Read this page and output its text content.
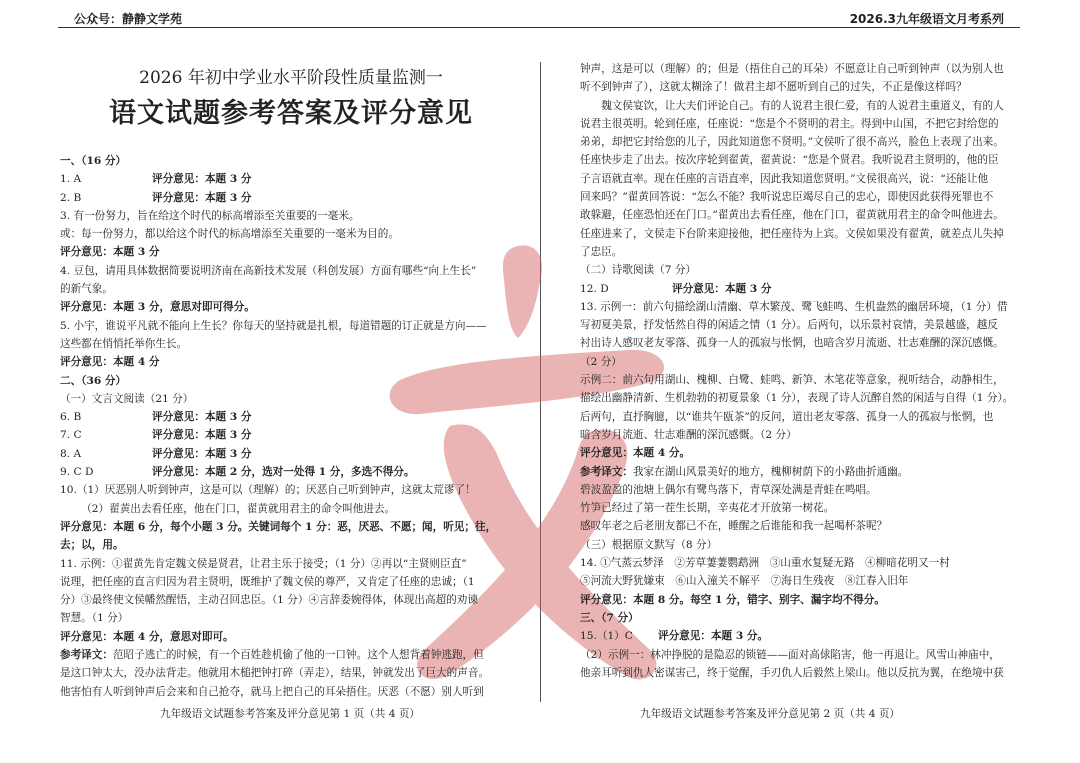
公众号：静静文学苑	2026.3九年级语文月考系列
2026 年初中学业水平阶段性质量监测一
语文试题参考答案及评分意见
一、（16 分）
1. A	评分意见：本题 3 分
2. B	评分意见：本题 3 分
3. 有一份努力，旨在给这个时代的标高增添至关重要的一毫米。
或：每一份努力，都以给这个时代的标高增添至关重要的一毫米为目的。
评分意见：本题 3 分
4. 豆包，请用具体数据简要说明济南在高新技术发展（科创发展）方面有哪些“向上生长”
的新气象。
评分意见：本题 3 分，意思对即可得分。
5. 小宇，谁说平凡就不能向上生长？你每天的坚持就是扎根，每道错题的订正就是方向——
这些都在悄悄托举你生长。
评分意见：本题 4 分
二、（36 分）
（一）文言文阅读（21 分）
6. B	评分意见：本题 3 分
7. C	评分意见：本题 3 分
8. A	评分意见：本题 3 分
9. C D	评分意见：本题 2 分，选对一处得 1 分，多选不得分。
10.（1）厌恶别人听到钟声，这是可以（理解）的；厌恶自己听到钟声，这就太荒谬了！
（2）翟黄出去看任座，他在门口，翟黄就用君主的命令叫他进去。
评分意见：本题 6 分，每个小题 3 分。关键词每个 1 分：恶，厌恶、不愿；闻，听见；往，
去；以，用。
11. 示例：①翟黄先肯定魏文侯是贤君，让君主乐于接受；（1 分）②再以“主贤则臣直”
说理，把任座的直言归因为君主贤明，既维护了魏文侯的尊严，又肯定了任座的忠诚；（1
分）③最终使文侯幡然醒悟，主动召回忠臣。（1 分）④言辞委婉得体，体现出高超的劝谏
智慧。（1 分）
评分意见：本题 4 分，意思对即可。
参考译文：范昭子逃亡的时候，有一个百姓趁机偷了他的一口钟。这个人想背着钟逃跑，但
是这口钟太大，没办法背走。他就用木槌把钟打碎（弄走），结果，钟就发出了巨大的声音。
他害怕有人听到钟声后会来和自己抢夺，就马上把自己的耳朵捂住。厌恶（不愿）别人听到
钟声，这是可以（理解）的；但是（捂住自己的耳朵）不愿意让自己听到钟声（以为别人也
听不到钟声了），这就太糊涂了！做君主却不愿听到自己的过失，不正是像这样吗？
魏文侯宴饮，让大夫们评论自己。有的人说君主很仁爱，有的人说君主重道义，有的人
说君主很英明。轮到任座，任座说：“您是个不贤明的君主。得到中山国，不把它封给您的
弟弟，却把它封给您的儿子，因此知道您不贤明。”文侯听了很不高兴，脸色上表现了出来。
任座快步走了出去。按次序轮到翟黄，翟黄说：“您是个贤君。我听说君主贤明的，他的臣
子言语就直率。现在任座的言语直率，因此我知道您贤明。”文侯很高兴，说：“还能让他
回来吗？”翟黄回答说：“怎么不能？我听说忠臣竭尽自己的忠心，即使因此获得死罪也不
敢躲避，任座恐怕还在门口。”翟黄出去看任座，他在门口，翟黄就用君主的命令叫他进去。
任座进来了，文侯走下台阶来迎接他，把任座待为上宾。文侯如果没有翟黄，就差点儿失掉
了忠臣。
（二）诗歌阅读（7 分）
12. D	评分意见：本题 3 分
13. 示例一：前六句描绘湖山清幽、草木繁茂、鹭飞蛙鸣、生机盎然的幽居环境，（1 分）借
写初夏美景，抒发恬然自得的闲适之情（1 分）。后两句，以乐景衬哀情，美景越盛，越反
衬出诗人感叹老友零落、孤身一人的孤寂与怅惘，也暗含岁月流逝、壮志难酬的深沉感慨。
（2 分）
示例二：前六句用湖山、槐柳、白鹭、蛙鸣、新笋、木笔花等意象，视听结合，动静相生，
描绘出幽静清新、生机勃勃的初夏景象（1 分），表现了诗人沉醉自然的闲适与自得（1 分）。
后两句，直抒胸臆，以“谁共午瓯茶”的反问，道出老友零落、孤身一人的孤寂与怅惘，也
暗含岁月流逝、壮志难酬的深沉感慨。（2 分）
评分意见：本题 4 分。
参考译文：我家在湖山风景美好的地方，槐柳树荫下的小路曲折通幽。
碧波盈盈的池塘上偶尔有鹭鸟落下，青草深处满是青蛙在鸣唱。
竹笋已经过了第一茬生长期，辛夷花才开放第一树花。
感叹年老之后老朋友都已不在，睡醒之后谁能和我一起喝杯茶呢？
（三）根据原文默写（8 分）
14. ①气蒸云梦泽　②芳草萋萋鹦鹉洲　③山重水复疑无路　④柳暗花明又一村
⑤河流大野犹嫌束　⑥山入潼关不解平　⑦海日生残夜　⑧江春入旧年
评分意见：本题 8 分。每空 1 分，错字、别字、漏字均不得分。
三、（7 分）
15.（1）C 评分意见：本题 3 分。
（2）示例一：林冲挣脱的是隐忍的锁链——面对高俅陷害，他一再退让。风雪山神庙中，
他亲耳听到仇人密谋害己，终于觉醒，手刃仇人后毅然上梁山。他以反抗为翼，在绝境中获
九年级语文试题参考答案及评分意见第 1 页（共 4 页）	九年级语文试题参考答案及评分意见第 2 页（共 4 页）
